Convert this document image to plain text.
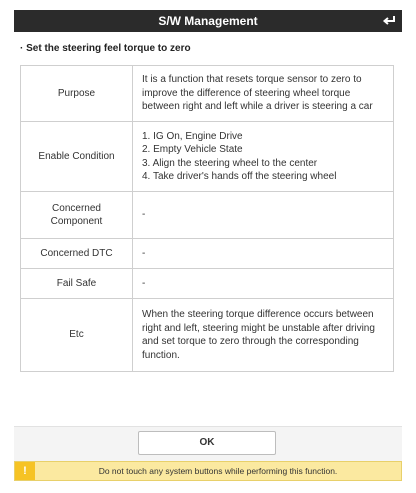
S/W Management
· Set the steering feel torque to zero
Purpose	It is a function that resets torque sensor to zero to
improve the difference of steering wheel torque
between right and left while a driver is steering a car

Enable Condition	1. IG On, Engine Drive
2. Empty Vehicle State
3. Align the steering wheel to the center
4. Take driver's hands off the steering wheel

Concerned
Component	-
Concerned DTC	-
Fail Safe	-
Etc	When the steering torque difference occurs between
right and left, steering might be unstable after driving
and set torque to zero through the corresponding
function.
OK
!	Do not touch any system buttons while performing this function.
